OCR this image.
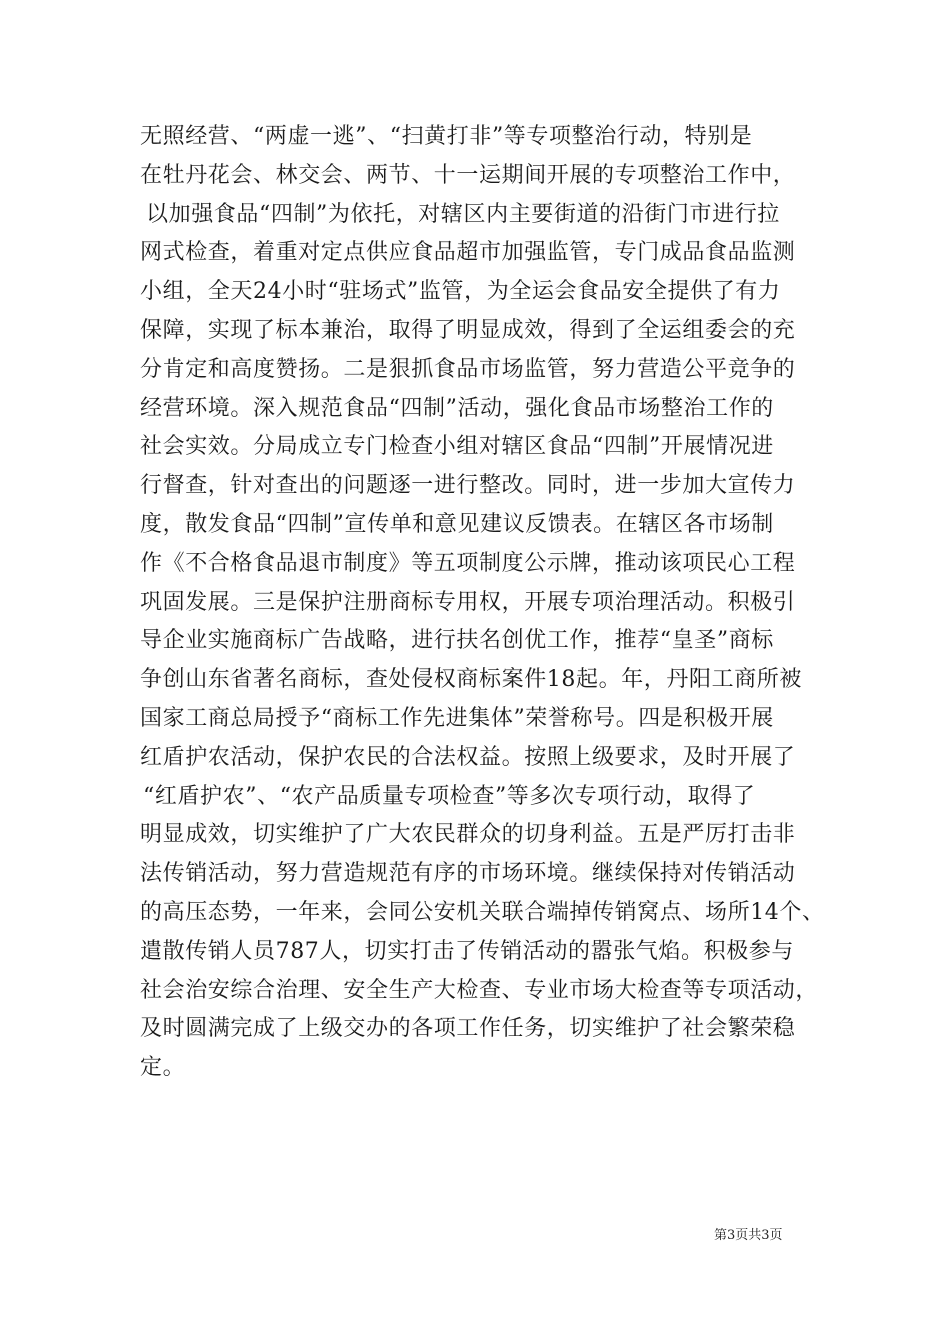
无照经营、“两虚一逃”、“扫黄打非”等专项整治行动，特别是
在牡丹花会、林交会、两节、十一运期间开展的专项整治工作中，
以加强食品“四制”为依托，对辖区内主要街道的沿街门市进行拉
网式检查，着重对定点供应食品超市加强监管，专门成品食品监测
小组，全天24小时“驻场式”监管，为全运会食品安全提供了有力
保障，实现了标本兼治，取得了明显成效，得到了全运组委会的充
分肯定和高度赞扬。二是狠抓食品市场监管，努力营造公平竞争的
经营环境。深入规范食品“四制”活动，强化食品市场整治工作的
社会实效。分局成立专门检查小组对辖区食品“四制”开展情况进
行督查，针对查出的问题逐一进行整改。同时，进一步加大宣传力
度，散发食品“四制”宣传单和意见建议反馈表。在辖区各市场制
作《不合格食品退市制度》等五项制度公示牌，推动该项民心工程
巩固发展。三是保护注册商标专用权，开展专项治理活动。积极引
导企业实施商标广告战略，进行扶名创优工作，推荐“皇圣”商标
争创山东省著名商标，查处侵权商标案件18起。年，丹阳工商所被
国家工商总局授予“商标工作先进集体”荣誉称号。四是积极开展
红盾护农活动，保护农民的合法权益。按照上级要求，及时开展了
“红盾护农”、“农产品质量专项检查”等多次专项行动，取得了
明显成效，切实维护了广大农民群众的切身利益。五是严厉打击非
法传销活动，努力营造规范有序的市场环境。继续保持对传销活动
的高压态势，一年来，会同公安机关联合端掉传销窝点、场所14个、
遣散传销人员787人，切实打击了传销活动的嚣张气焰。积极参与
社会治安综合治理、安全生产大检查、专业市场大检查等专项活动，
及时圆满完成了上级交办的各项工作任务，切实维护了社会繁荣稳
定。
第3页共3页
